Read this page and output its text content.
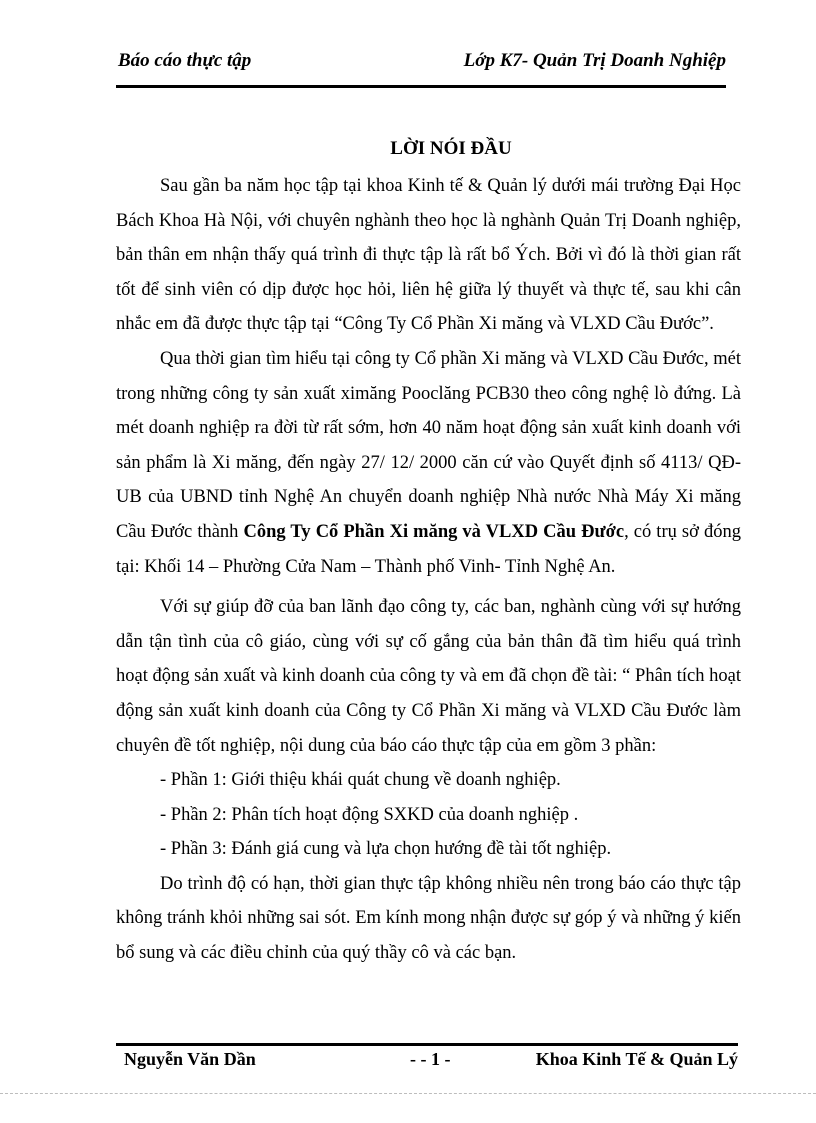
Báo cáo thực tập	Lớp K7- Quản Trị Doanh Nghiệp
LỜI NÓI ĐẦU

Sau gần ba năm học tập tại khoa Kinh tế & Quản lý dưới mái trường Đại Học Bách Khoa Hà Nội, với chuyên nghành theo học là nghành Quản Trị Doanh nghiệp, bản thân em nhận thấy quá trình đi thực tập là rất bổ Ých. Bởi vì đó là thời gian rất tốt để sinh viên có dịp được học hỏi, liên hệ giữa lý thuyết và thực tế, sau khi cân nhắc em đã được thực tập tại “Công Ty Cổ Phần Xi măng và VLXD Cầu Đước”.

Qua thời gian tìm hiểu tại công ty Cổ phần Xi măng và VLXD Cầu Đước, mét trong những công ty sản xuất ximăng Pooclăng PCB30 theo công nghệ lò đứng. Là mét doanh nghiệp ra đời từ rất sớm, hơn 40 năm hoạt động sản xuất kinh doanh với sản phẩm là Xi măng, đến ngày 27/ 12/ 2000 căn cứ vào Quyết định số 4113/ QĐ-UB của UBND tỉnh Nghệ An chuyển doanh nghiệp Nhà nước Nhà Máy Xi măng Cầu Đước thành Công Ty Cổ Phần Xi măng và VLXD Cầu Đước, có trụ sở đóng tại: Khối 14 – Phường Cửa Nam – Thành phố Vinh- Tỉnh Nghệ An.

Với sự giúp đỡ của ban lãnh đạo công ty, các ban, nghành cùng với sự hướng dẫn tận tình của cô giáo, cùng với sự cố gắng của bản thân đã tìm hiểu quá trình hoạt động sản xuất và kinh doanh của công ty và em đã chọn đề tài: “ Phân tích hoạt động sản xuất kinh doanh của Công ty Cổ Phần Xi măng và VLXD Cầu Đước làm chuyên đề tốt nghiệp, nội dung của báo cáo thực tập của em gồm 3 phần:

- Phần 1: Giới thiệu khái quát chung về doanh nghiệp.

- Phần 2: Phân tích hoạt động SXKD của doanh nghiệp .

- Phần 3: Đánh giá cung và lựa chọn hướng đề tài tốt nghiệp.

Do trình độ có hạn, thời gian thực tập không nhiều nên trong báo cáo thực tập không tránh khỏi những sai sót. Em kính mong nhận được sự góp ý và những ý kiến bổ sung và các điều chỉnh của quý thầy cô và các bạn.

Nguyễn Văn Dần	- - 1 -	Khoa Kinh Tế & Quản Lý
